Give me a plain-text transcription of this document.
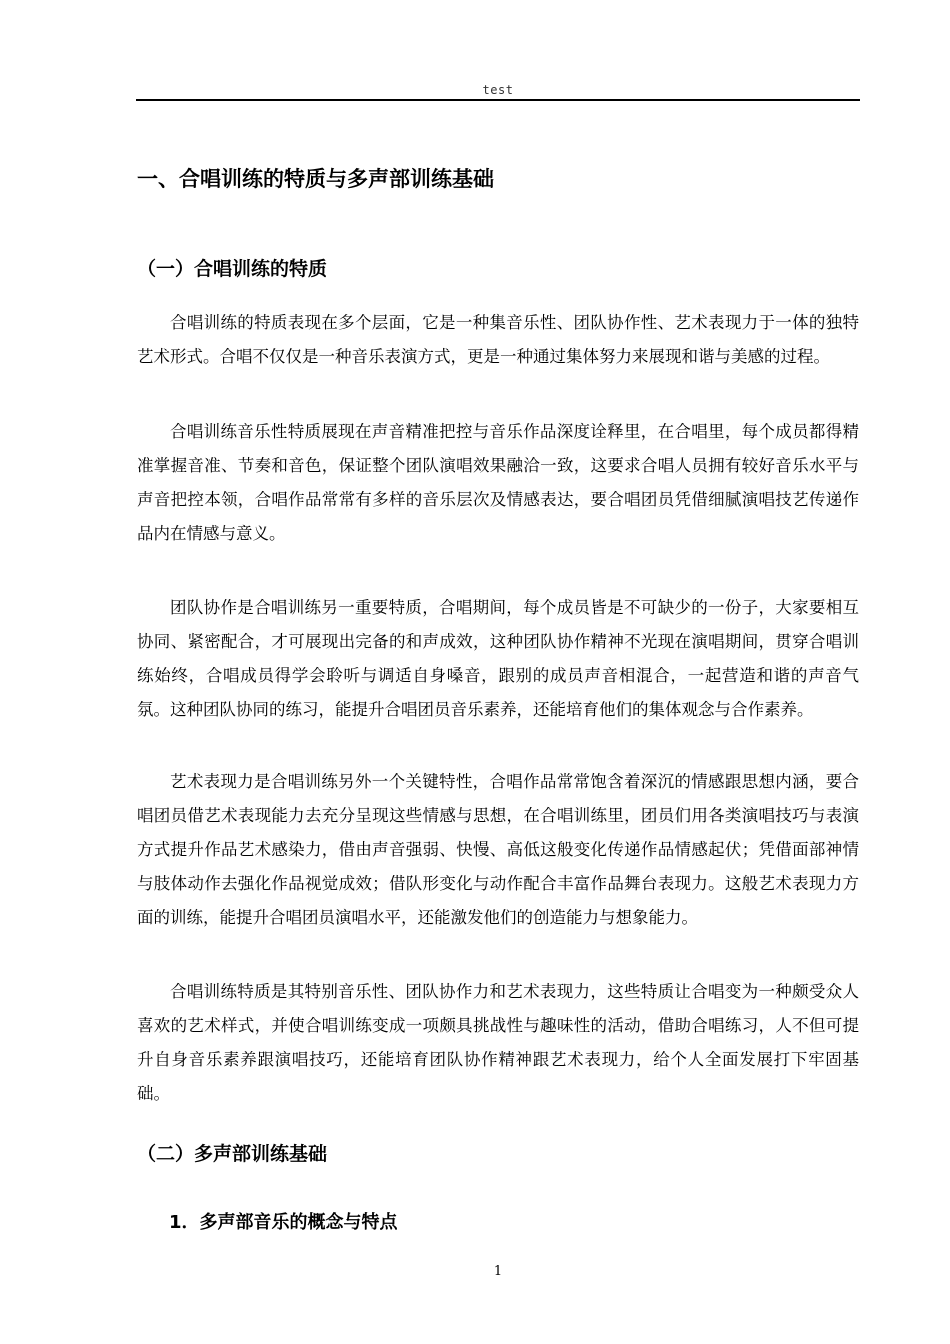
test
一、合唱训练的特质与多声部训练基础
（一）合唱训练的特质

合唱训练的特质表现在多个层面，它是一种集音乐性、团队协作性、艺术表现力于一体的独特艺术形式。合唱不仅仅是一种音乐表演方式，更是一种通过集体努力来展现和谐与美感的过程。

合唱训练音乐性特质展现在声音精准把控与音乐作品深度诠释里，在合唱里，每个成员都得精准掌握音准、节奏和音色，保证整个团队演唱效果融洽一致，这要求合唱人员拥有较好音乐水平与声音把控本领，合唱作品常常有多样的音乐层次及情感表达，要合唱团员凭借细腻演唱技艺传递作品内在情感与意义。

团队协作是合唱训练另一重要特质，合唱期间，每个成员皆是不可缺少的一份子，大家要相互协同、紧密配合，才可展现出完备的和声成效，这种团队协作精神不光现在演唱期间，贯穿合唱训练始终，合唱成员得学会聆听与调适自身嗓音，跟别的成员声音相混合，一起营造和谐的声音气氛。这种团队协同的练习，能提升合唱团员音乐素养，还能培育他们的集体观念与合作素养。

艺术表现力是合唱训练另外一个关键特性，合唱作品常常饱含着深沉的情感跟思想内涵，要合唱团员借艺术表现能力去充分呈现这些情感与思想，在合唱训练里，团员们用各类演唱技巧与表演方式提升作品艺术感染力，借由声音强弱、快慢、高低这般变化传递作品情感起伏；凭借面部神情与肢体动作去强化作品视觉成效；借队形变化与动作配合丰富作品舞台表现力。这般艺术表现力方面的训练，能提升合唱团员演唱水平，还能激发他们的创造能力与想象能力。

合唱训练特质是其特别音乐性、团队协作力和艺术表现力，这些特质让合唱变为一种颇受众人喜欢的艺术样式，并使合唱训练变成一项颇具挑战性与趣味性的活动，借助合唱练习，人不但可提升自身音乐素养跟演唱技巧，还能培育团队协作精神跟艺术表现力，给个人全面发展打下牢固基础。

（二）多声部训练基础
1．多声部音乐的概念与特点
1
